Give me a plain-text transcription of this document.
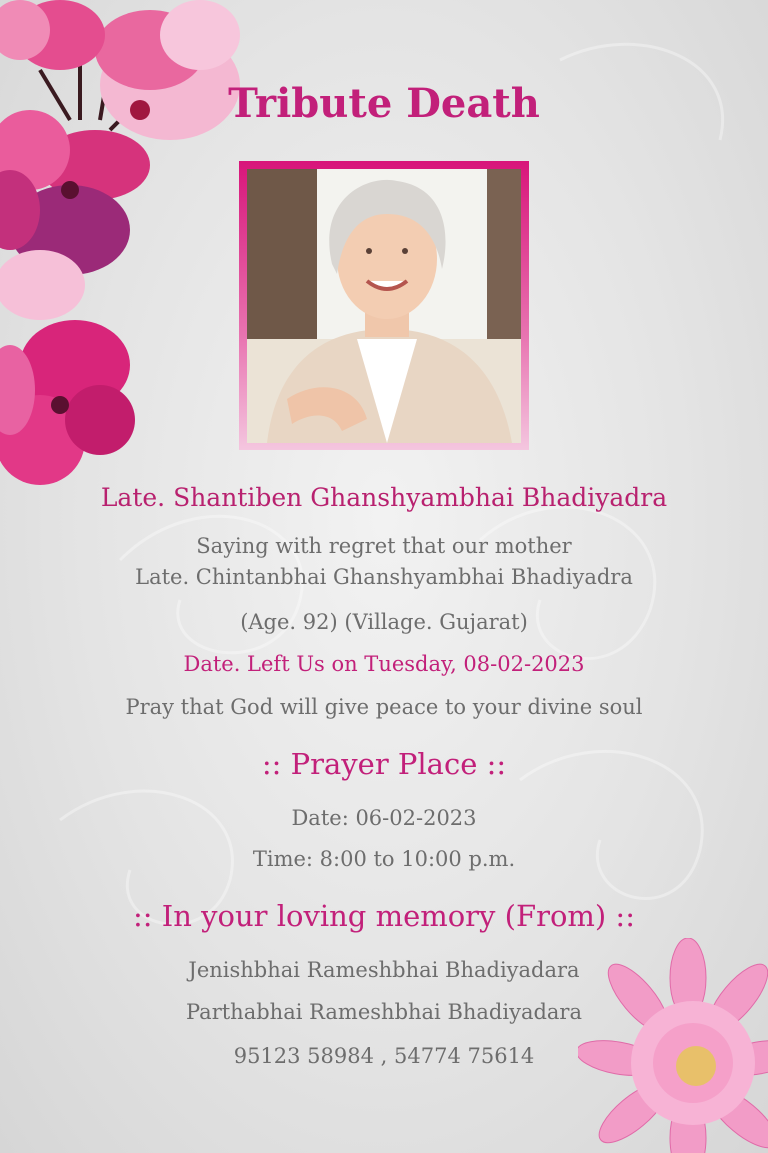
Tribute Death
Late. Shantiben Ghanshyambhai Bhadiyadra
Saying with regret that our mother
Late. Chintanbhai Ghanshyambhai Bhadiyadra
(Age. 92) (Village. Gujarat)
Date. Left Us on Tuesday, 08-02-2023
Pray that God will give peace to your divine soul
:: Prayer Place ::
Date: 06-02-2023
Time: 8:00 to 10:00 p.m.
:: In your loving memory (From) ::
Jenishbhai Rameshbhai Bhadiyadara
Parthabhai Rameshbhai Bhadiyadara
95123 58984 , 54774 75614
